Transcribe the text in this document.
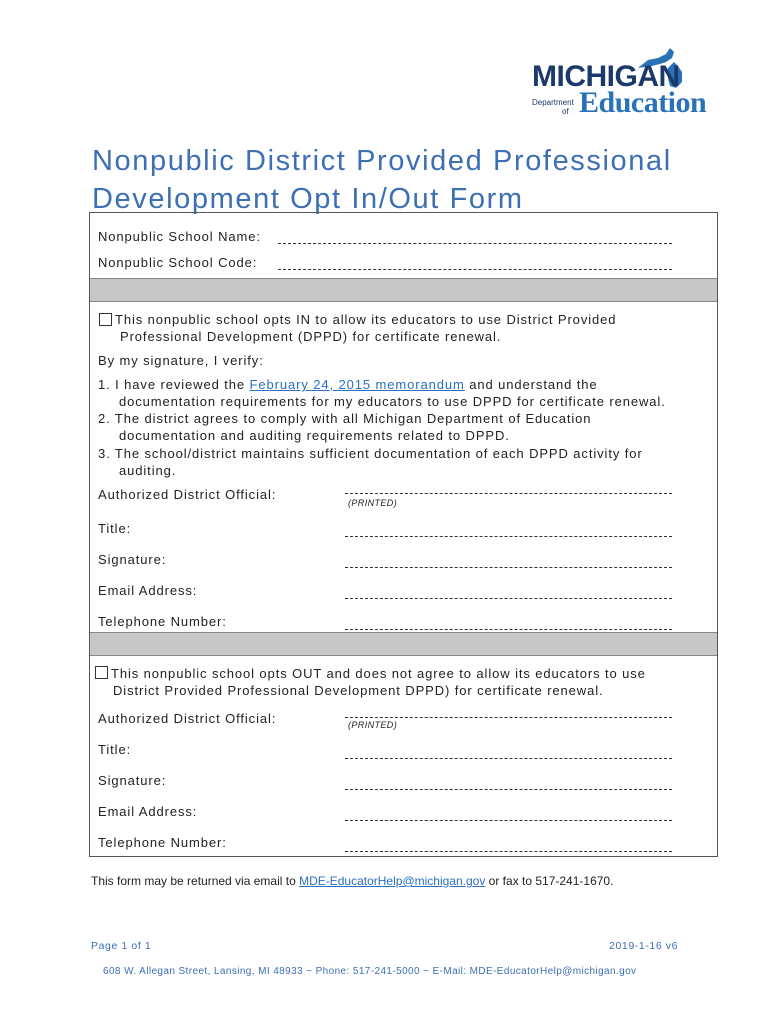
MICHIGAN
Department
of Education
Nonpublic District Provided Professional
Development Opt In/Out Form
Nonpublic School Name:
Nonpublic School Code:
This nonpublic school opts IN to allow its educators to use District Provided
Professional Development (DPPD) for certificate renewal.
By my signature, I verify:
1. I have reviewed the February 24, 2015 memorandum and understand the
documentation requirements for my educators to use DPPD for certificate renewal.
2. The district agrees to comply with all Michigan Department of Education
documentation and auditing requirements related to DPPD.
3. The school/district maintains sufficient documentation of each DPPD activity for
auditing.
Authorized District Official:
(PRINTED)
Title:
Signature:
Email Address:
Telephone Number:
This nonpublic school opts OUT and does not agree to allow its educators to use
District Provided Professional Development DPPD) for certificate renewal.
Authorized District Official:	(PRINTED)
Title:
Signature:
Email Address:
Telephone Number:
This form may be returned via email to MDE-EducatorHelp@michigan.gov or fax to 517-241-1670.
Page 1 of 1	2019-1-16 v6
608 W. Allegan Street, Lansing, MI 48933 ~ Phone: 517-241-5000 ~ E-Mail: MDE-EducatorHelp@michigan.gov
